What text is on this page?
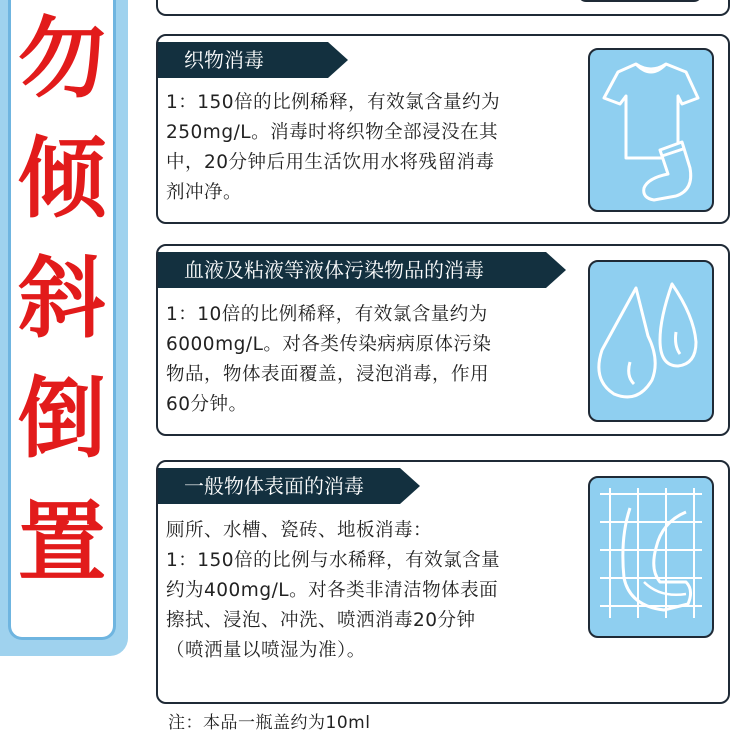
勿
倾
斜
倒
置
织物消毒

1：150倍的比例稀释，有效氯含量约为

250mg/L。消毒时将织物全部浸没在其

中，20分钟后用生活饮用水将残留消毒

剂冲净。

血液及粘液等液体污染物品的消毒

1：10倍的比例稀释，有效氯含量约为

6000mg/L。对各类传染病病原体污染

物品，物体表面覆盖，浸泡消毒，作用

60分钟。

一般物体表面的消毒

厕所、水槽、瓷砖、地板消毒：

1：150倍的比例与水稀释，有效氯含量

约为400mg/L。对各类非清洁物体表面

擦拭、浸泡、冲洗、喷洒消毒20分钟

（喷洒量以喷湿为准）。

注：本品一瓶盖约为10ml
